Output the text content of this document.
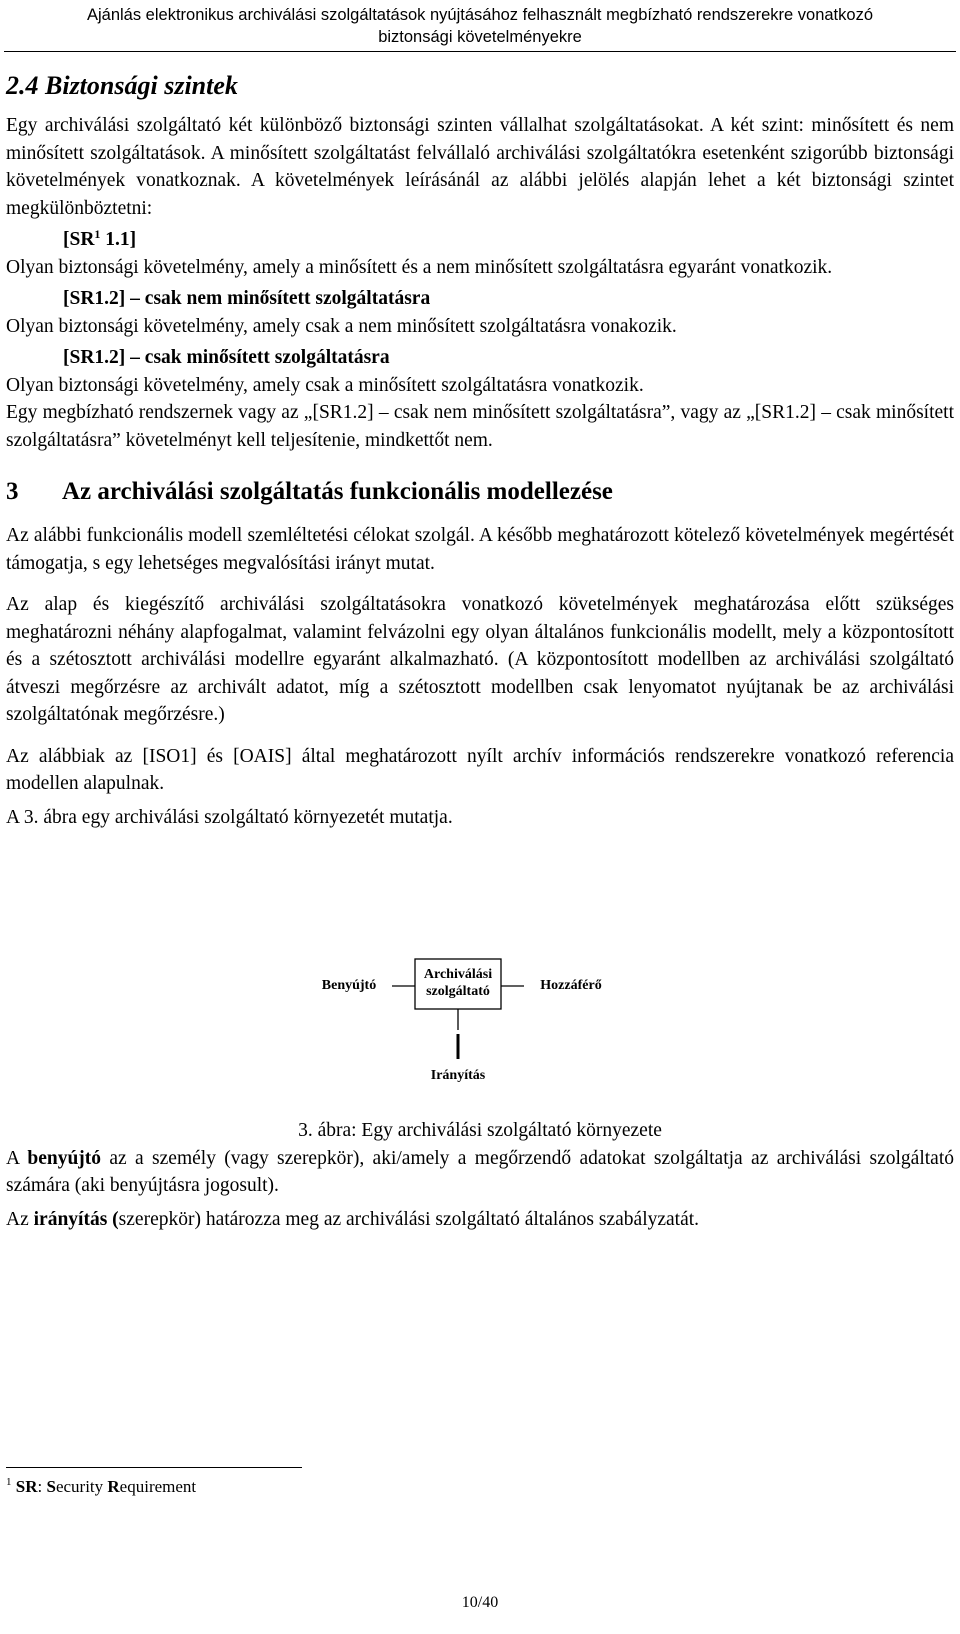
Ajánlás elektronikus archiválási szolgáltatások nyújtásához felhasznált megbízható rendszerekre vonatkozó
biztonsági követelményekre
2.4 Biztonsági szintek

Egy archiválási szolgáltató két különböző biztonsági szinten vállalhat szolgáltatásokat. A két szint: minősített és nem minősített szolgáltatások. A minősített szolgáltatást felvállaló archiválási szolgáltatókra esetenként szigorúbb biztonsági követelmények vonatkoznak. A követelmények leírásánál az alábbi jelölés alapján lehet a két biztonsági szintet megkülönböztetni:

[$SR^1$ 1.1]

Olyan biztonsági követelmény, amely a minősített és a nem minősített szolgáltatásra egyaránt vonatkozik.

[SR1.2] – csak nem minősített szolgáltatásra

Olyan biztonsági követelmény, amely csak a nem minősített szolgáltatásra vonakozik.

[SR1.2] – csak minősített szolgáltatásra

Olyan biztonsági követelmény, amely csak a minősített szolgáltatásra vonatkozik.

Egy megbízható rendszernek vagy az „[SR1.2] – csak nem minősített szolgáltatásra”, vagy az „[SR1.2] – csak minősített szolgáltatásra” követelményt kell teljesítenie, mindkettőt nem.

3 Az archiválási szolgáltatás funkcionális modellezése

Az alábbi funkcionális modell szemléltetési célokat szolgál. A később meghatározott kötelező követelmények megértését támogatja, s egy lehetséges megvalósítási irányt mutat.

Az alap és kiegészítő archiválási szolgáltatásokra vonatkozó követelmények meghatározása előtt szükséges meghatározni néhány alapfogalmat, valamint felvázolni egy olyan általános funkcionális modellt, mely a központosított és a szétosztott archiválási modellre egyaránt alkalmazható. (A központosított modellben az archiválási szolgáltató átveszi megőrzésre az archivált adatot, míg a szétosztott modellben csak lenyomatot nyújtanak be az archiválási szolgáltatónak megőrzésre.)

Az alábbiak az [ISO1] és [OAIS] által meghatározott nyílt archív információs rendszerekre vonatkozó referencia modellen alapulnak.

A 3. ábra egy archiválási szolgáltató környezetét mutatja.

Benyújtó
Archiválási
szolgáltató	Hozzáférő
Irányítás

3. ábra: Egy archiválási szolgáltató környezete

A benyújtó az a személy (vagy szerepkör), aki/amely a megőrzendő adatokat szolgáltatja az archiválási szolgáltató számára (aki benyújtásra jogosult).

Az irányítás (szerepkör) határozza meg az archiválási szolgáltató általános szabályzatát.

$^1$ SR: Security Requirement
10/40
